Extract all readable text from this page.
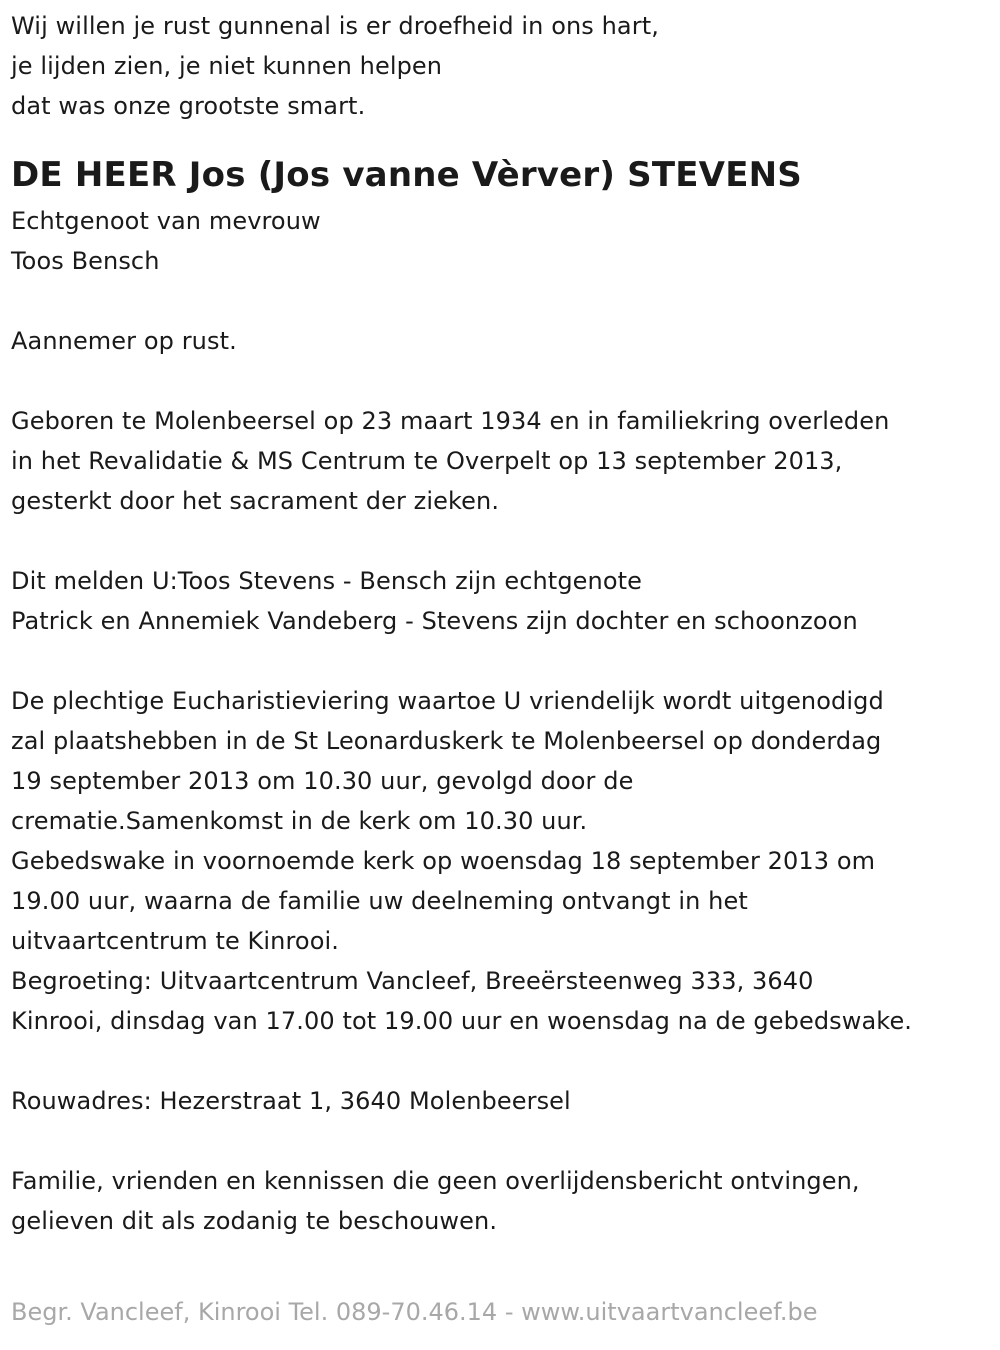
Wij willen je rust gunnenal is er droefheid in ons hart,
je lijden zien, je niet kunnen helpen
dat was onze grootste smart.
DE HEER Jos (Jos vanne Vèrver) STEVENS
Echtgenoot van mevrouw
Toos Bensch
Aannemer op rust.
Geboren te Molenbeersel op 23 maart 1934 en in familiekring overleden
in het Revalidatie & MS Centrum te Overpelt op 13 september 2013,
gesterkt door het sacrament der zieken.
Dit melden U:Toos Stevens - Bensch zijn echtgenote
Patrick en Annemiek Vandeberg - Stevens zijn dochter en schoonzoon
De plechtige Eucharistieviering waartoe U vriendelijk wordt uitgenodigd
zal plaatshebben in de St Leonarduskerk te Molenbeersel op donderdag
19 september 2013 om 10.30 uur, gevolgd door de
crematie.Samenkomst in de kerk om 10.30 uur.
Gebedswake in voornoemde kerk op woensdag 18 september 2013 om
19.00 uur, waarna de familie uw deelneming ontvangt in het
uitvaartcentrum te Kinrooi.
Begroeting: Uitvaartcentrum Vancleef, Breeërsteenweg 333, 3640
Kinrooi, dinsdag van 17.00 tot 19.00 uur en woensdag na de gebedswake.
Rouwadres: Hezerstraat 1, 3640 Molenbeersel
Familie, vrienden en kennissen die geen overlijdensbericht ontvingen,
gelieven dit als zodanig te beschouwen.
Begr. Vancleef, Kinrooi Tel. 089-70.46.14 - www.uitvaartvancleef.be
